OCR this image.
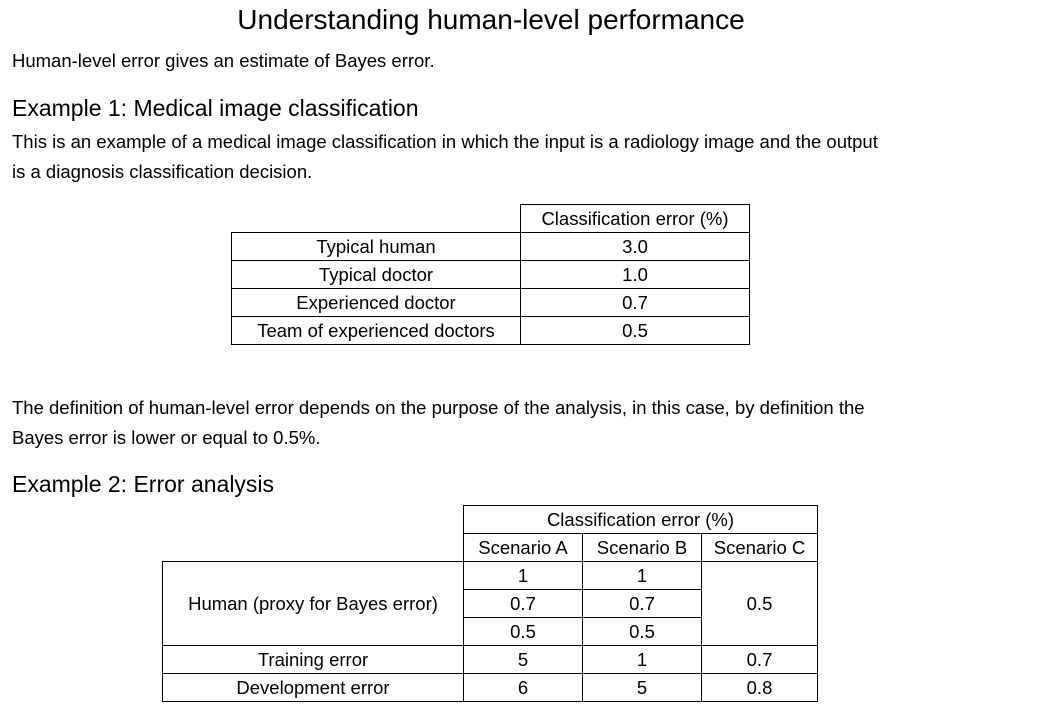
Understanding human-level performance
Human-level error gives an estimate of Bayes error.
Example 1: Medical image classification
This is an example of a medical image classification in which the input is a radiology image and the output
is a diagnosis classification decision.
	Classification error (%)
Typical human	3.0
Typical doctor	1.0
Experienced doctor	0.7
Team of experienced doctors	0.5
The definition of human-level error depends on the purpose of the analysis, in this case, by definition the
Bayes error is lower or equal to 0.5%.
Example 2: Error analysis
	Classification error (%)		
	Scenario A	Scenario B	Scenario C
Human (proxy for Bayes error)	1	1	0.5
	0.7	0.7	
	0.5	0.5	
Training error	5	1	0.7
Development error	6	5	0.8
